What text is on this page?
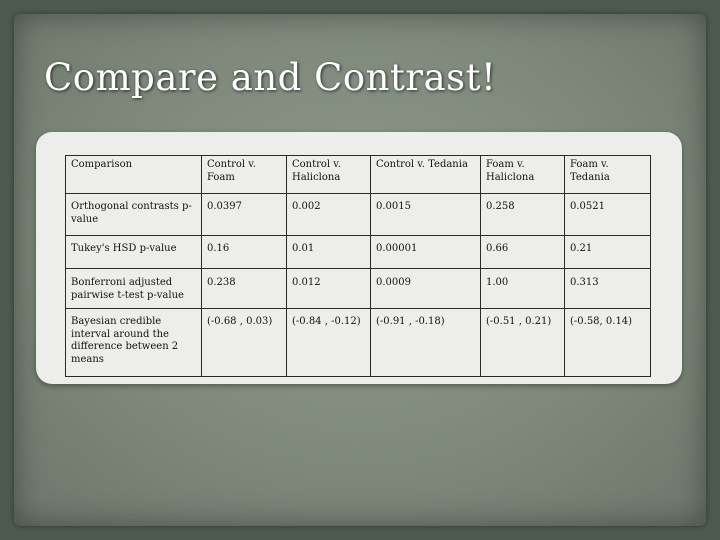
Compare and Contrast!
Comparison	Control v. Foam	Control v. Haliclona	Control v. Tedania	Foam v. Haliclona	Foam v. Tedania
Orthogonal contrasts p-value	0.0397	0.002	0.0015	0.258	0.0521
Tukey's HSD p-value	0.16	0.01	0.00001	0.66	0.21
Bonferroni adjusted pairwise t-test p-value	0.238	0.012	0.0009	1.00	0.313
Bayesian credible interval around the difference between 2 means	(-0.68 , 0.03)	(-0.84 , -0.12)	(-0.91 , -0.18)	(-0.51 , 0.21)	(-0.58, 0.14)
